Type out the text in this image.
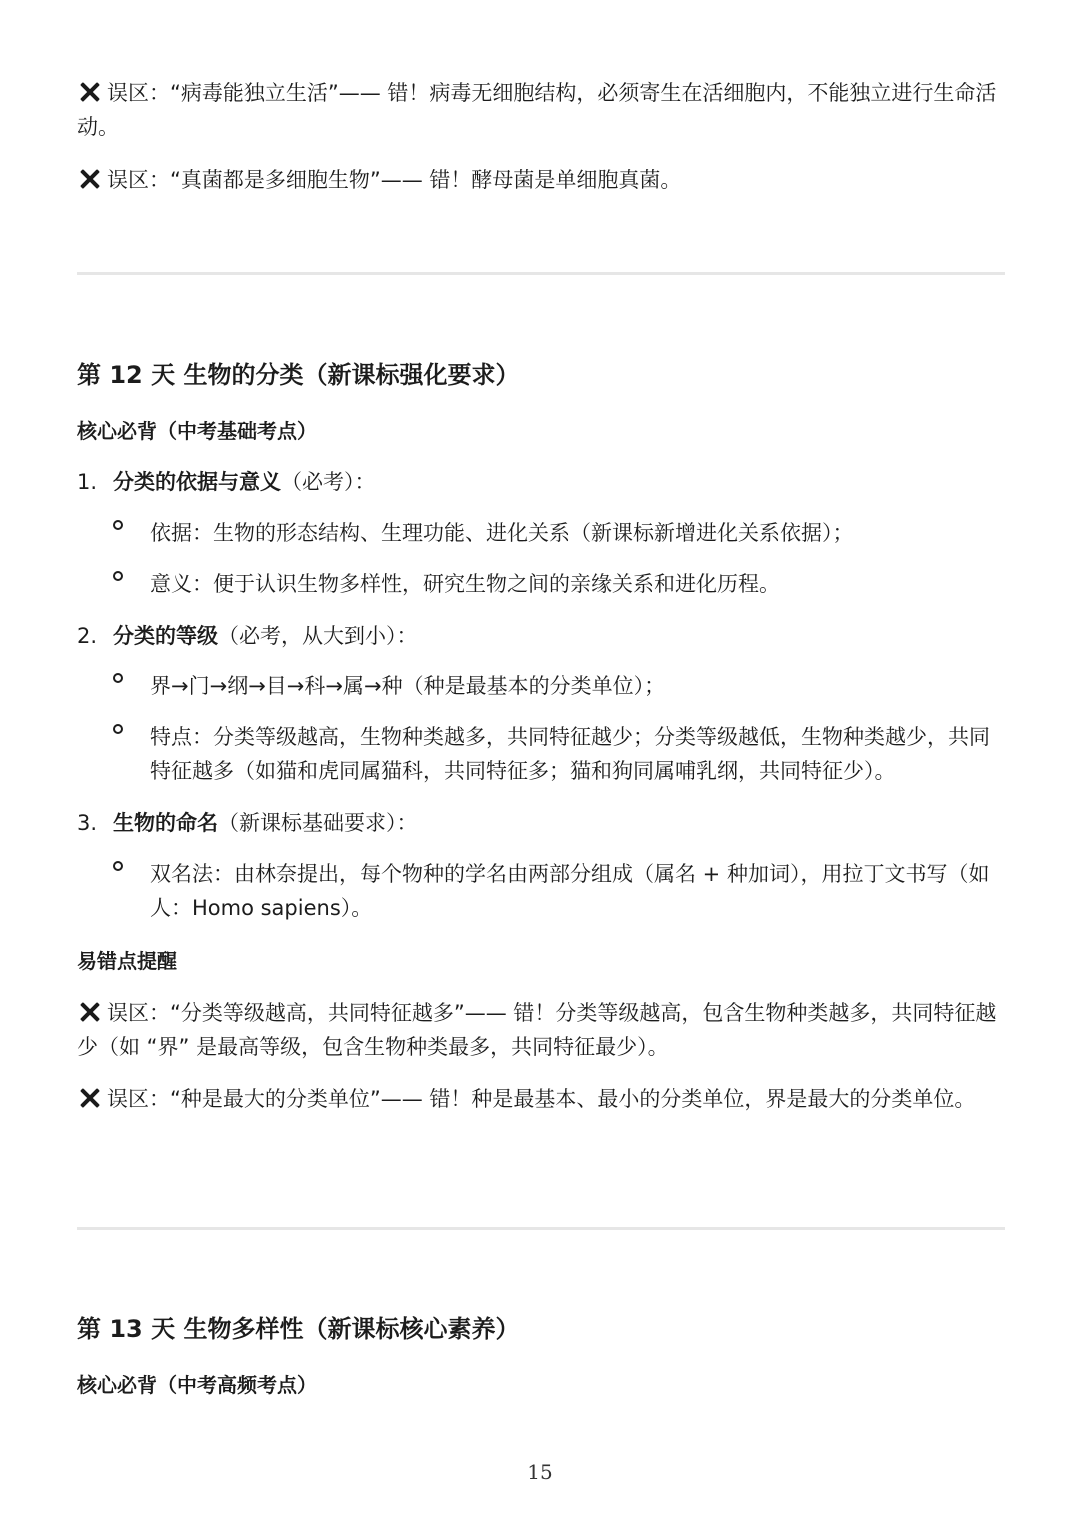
误区：“病毒能独立生活”—— 错！病毒无细胞结构，必须寄生在活细胞内，不能独立进行生命活动。

误区：“真菌都是多细胞生物”—— 错！酵母菌是单细胞真菌。

第 12 天 生物的分类（新课标强化要求）
核心必背（中考基础考点）
1. 分类的依据与意义（必考）：
依据：生物的形态结构、生理功能、进化关系（新课标新增进化关系依据）；
意义：便于认识生物多样性，研究生物之间的亲缘关系和进化历程。
2. 分类的等级（必考，从大到小）：
界→门→纲→目→科→属→种（种是最基本的分类单位）；
特点：分类等级越高，生物种类越多，共同特征越少；分类等级越低，生物种类越少，共同特征越多（如猫和虎同属猫科，共同特征多；猫和狗同属哺乳纲，共同特征少）。
3. 生物的命名（新课标基础要求）：
双名法：由林奈提出，每个物种的学名由两部分组成（属名 + 种加词），用拉丁文书写（如人：Homo sapiens）。
易错点提醒

误区：“分类等级越高，共同特征越多”—— 错！分类等级越高，包含生物种类越多，共同特征越少（如 “界” 是最高等级，包含生物种类最多，共同特征最少）。

误区：“种是最大的分类单位”—— 错！种是最基本、最小的分类单位，界是最大的分类单位。

第 13 天 生物多样性（新课标核心素养）
核心必背（中考高频考点）
15
